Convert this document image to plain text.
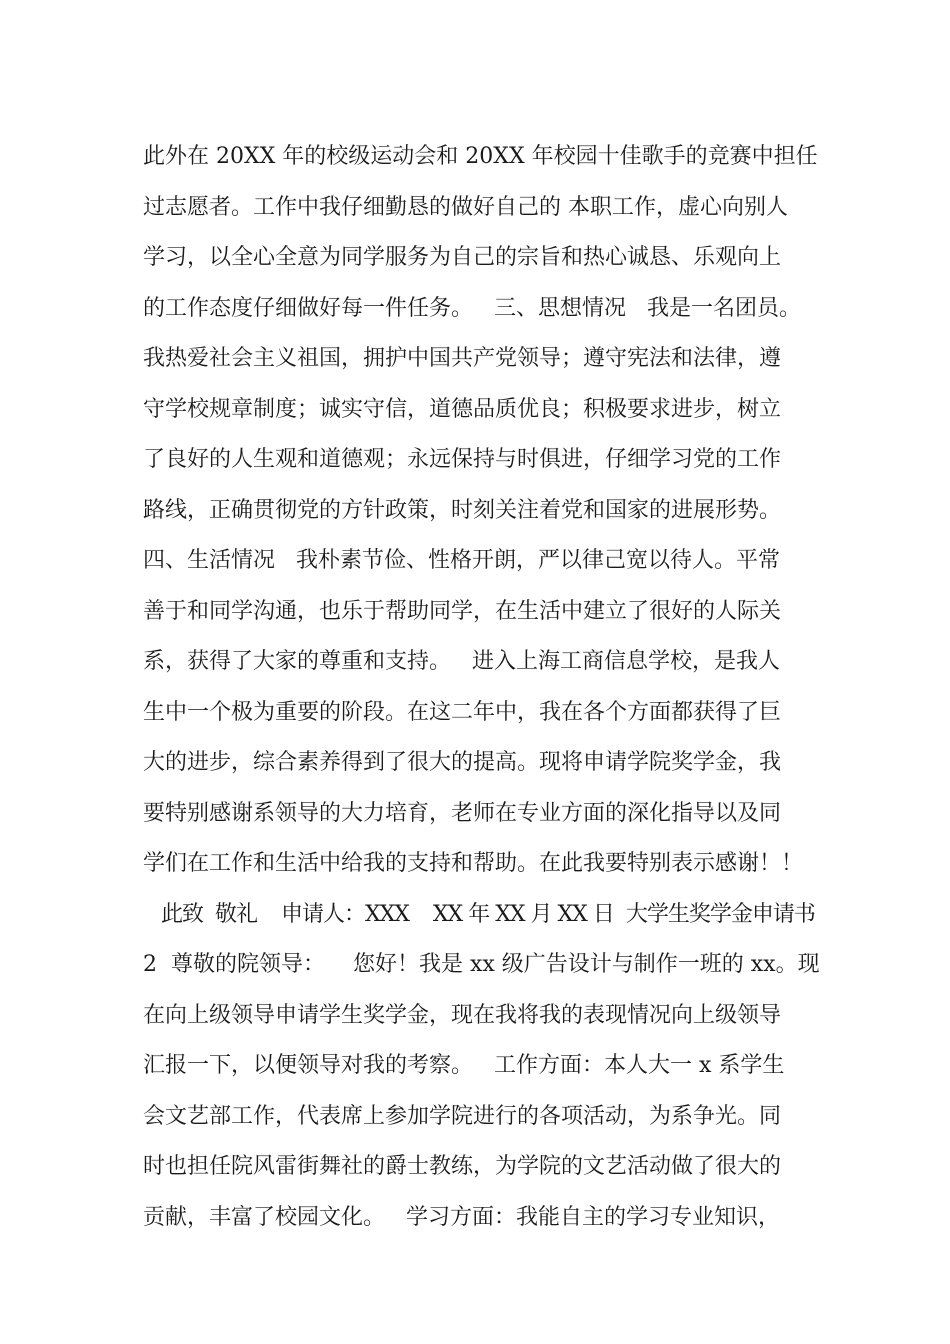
此外在 20XX 年的校级运动会和 20XX 年校园十佳歌手的竞赛中担任
过志愿者。工作中我仔细勤恳的做好自己的 本职工作，虚心向别人
学习，以全心全意为同学服务为自己的宗旨和热心诚恳、乐观向上
的工作态度仔细做好每一件任务。   三、思想情况   我是一名团员。
我热爱社会主义祖国，拥护中国共产党领导；遵守宪法和法律，遵
守学校规章制度；诚实守信，道德品质优良；积极要求进步，树立
了良好的人生观和道德观；永远保持与时俱进，仔细学习党的工作
路线，正确贯彻党的方针政策，时刻关注着党和国家的进展形势。
四、生活情况   我朴素节俭、性格开朗，严以律己宽以待人。平常
善于和同学沟通，也乐于帮助同学，在生活中建立了很好的人际关
系，获得了大家的尊重和支持。   进入上海工商信息学校，是我人
生中一个极为重要的阶段。在这二年中，我在各个方面都获得了巨
大的进步，综合素养得到了很大的提高。现将申请学院奖学金，我
要特别感谢系领导的大力培育，老师在专业方面的深化指导以及同
学们在工作和生活中给我的支持和帮助。在此我要特别表示感谢！！
此致  敬礼    申请人：XXX    XX 年 XX 月 XX 日  大学生奖学金申请书
2  尊敬的院领导：    您好！我是 xx 级广告设计与制作一班的 xx。现
在向上级领导申请学生奖学金，现在我将我的表现情况向上级领导
汇报一下，以便领导对我的考察。   工作方面：本人大一 x 系学生
会文艺部工作，代表席上参加学院进行的各项活动，为系争光。同
时也担任院风雷街舞社的爵士教练，为学院的文艺活动做了很大的
贡献，丰富了校园文化。   学习方面：我能自主的学习专业知识，
